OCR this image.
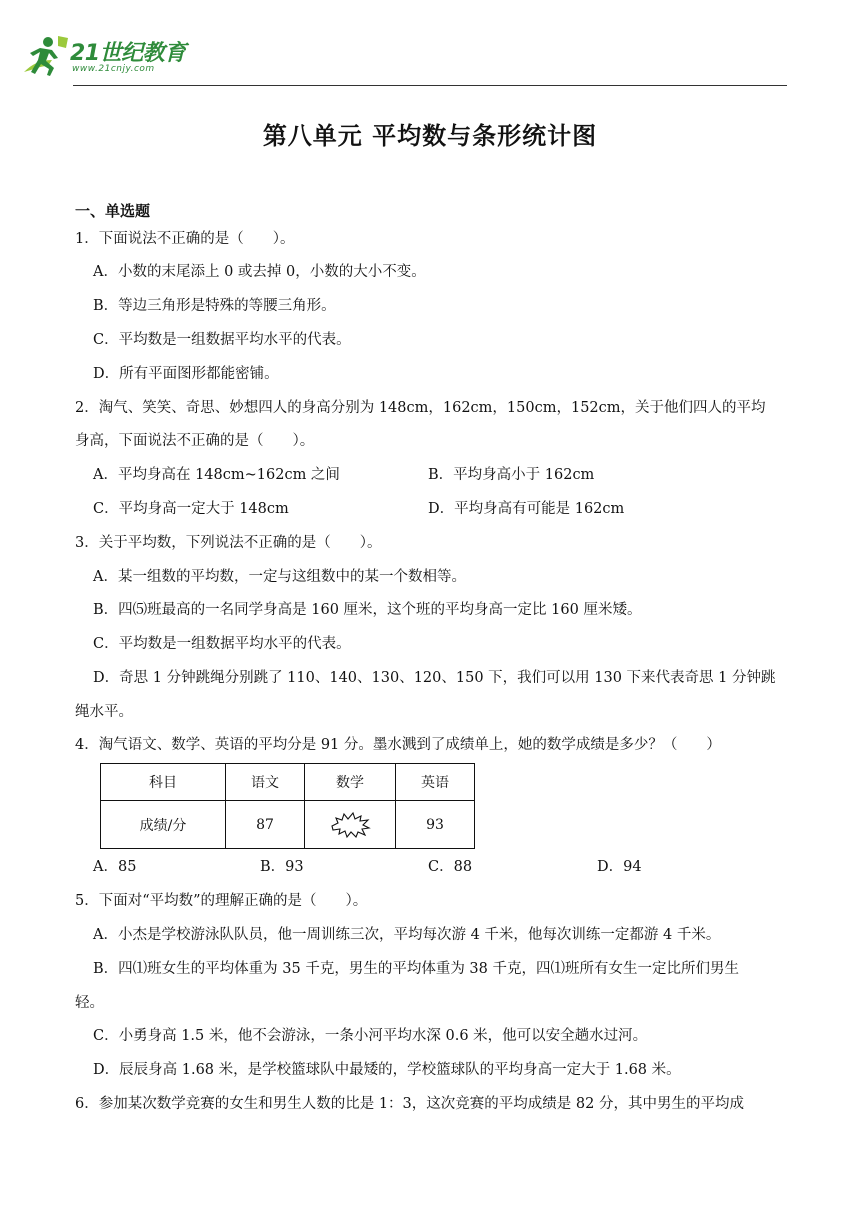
21世纪教育
www.21cnjy.com
第八单元 平均数与条形统计图
一、单选题
1．下面说法不正确的是（　　）。
A．小数的末尾添上 0 或去掉 0，小数的大小不变。
B．等边三角形是特殊的等腰三角形。
C．平均数是一组数据平均水平的代表。
D．所有平面图形都能密铺。
2．淘气、笑笑、奇思、妙想四人的身高分别为 148cm，162cm，150cm，152cm，关于他们四人的平均
身高，下面说法不正确的是（　　）。
A．平均身高在 148cm~162cm 之间	B．平均身高小于 162cm
C．平均身高一定大于 148cm	D．平均身高有可能是 162cm
3．关于平均数，下列说法不正确的是（　　）。
A．某一组数的平均数，一定与这组数中的某一个数相等。
B．四⑸班最高的一名同学身高是 160 厘米，这个班的平均身高一定比 160 厘米矮。
C．平均数是一组数据平均水平的代表。
D．奇思 1 分钟跳绳分别跳了 110、140、130、120、150 下，我们可以用 130 下来代表奇思 1 分钟跳
绳水平。
4．淘气语文、数学、英语的平均分是 91 分。墨水溅到了成绩单上，她的数学成绩是多少？（　　）
科目	语文	数学	英语
成绩/分	87		93
A．85	B．93	C．88	D．94
5．下面对“平均数”的理解正确的是（　　）。
A．小杰是学校游泳队队员，他一周训练三次，平均每次游 4 千米，他每次训练一定都游 4 千米。
B．四⑴班女生的平均体重为 35 千克，男生的平均体重为 38 千克，四⑴班所有女生一定比所们男生
轻。
C．小勇身高 1.5 米，他不会游泳，一条小河平均水深 0.6 米，他可以安全趟水过河。
D．辰辰身高 1.68 米，是学校篮球队中最矮的，学校篮球队的平均身高一定大于 1.68 米。
6．参加某次数学竞赛的女生和男生人数的比是 1：3，这次竞赛的平均成绩是 82 分，其中男生的平均成
